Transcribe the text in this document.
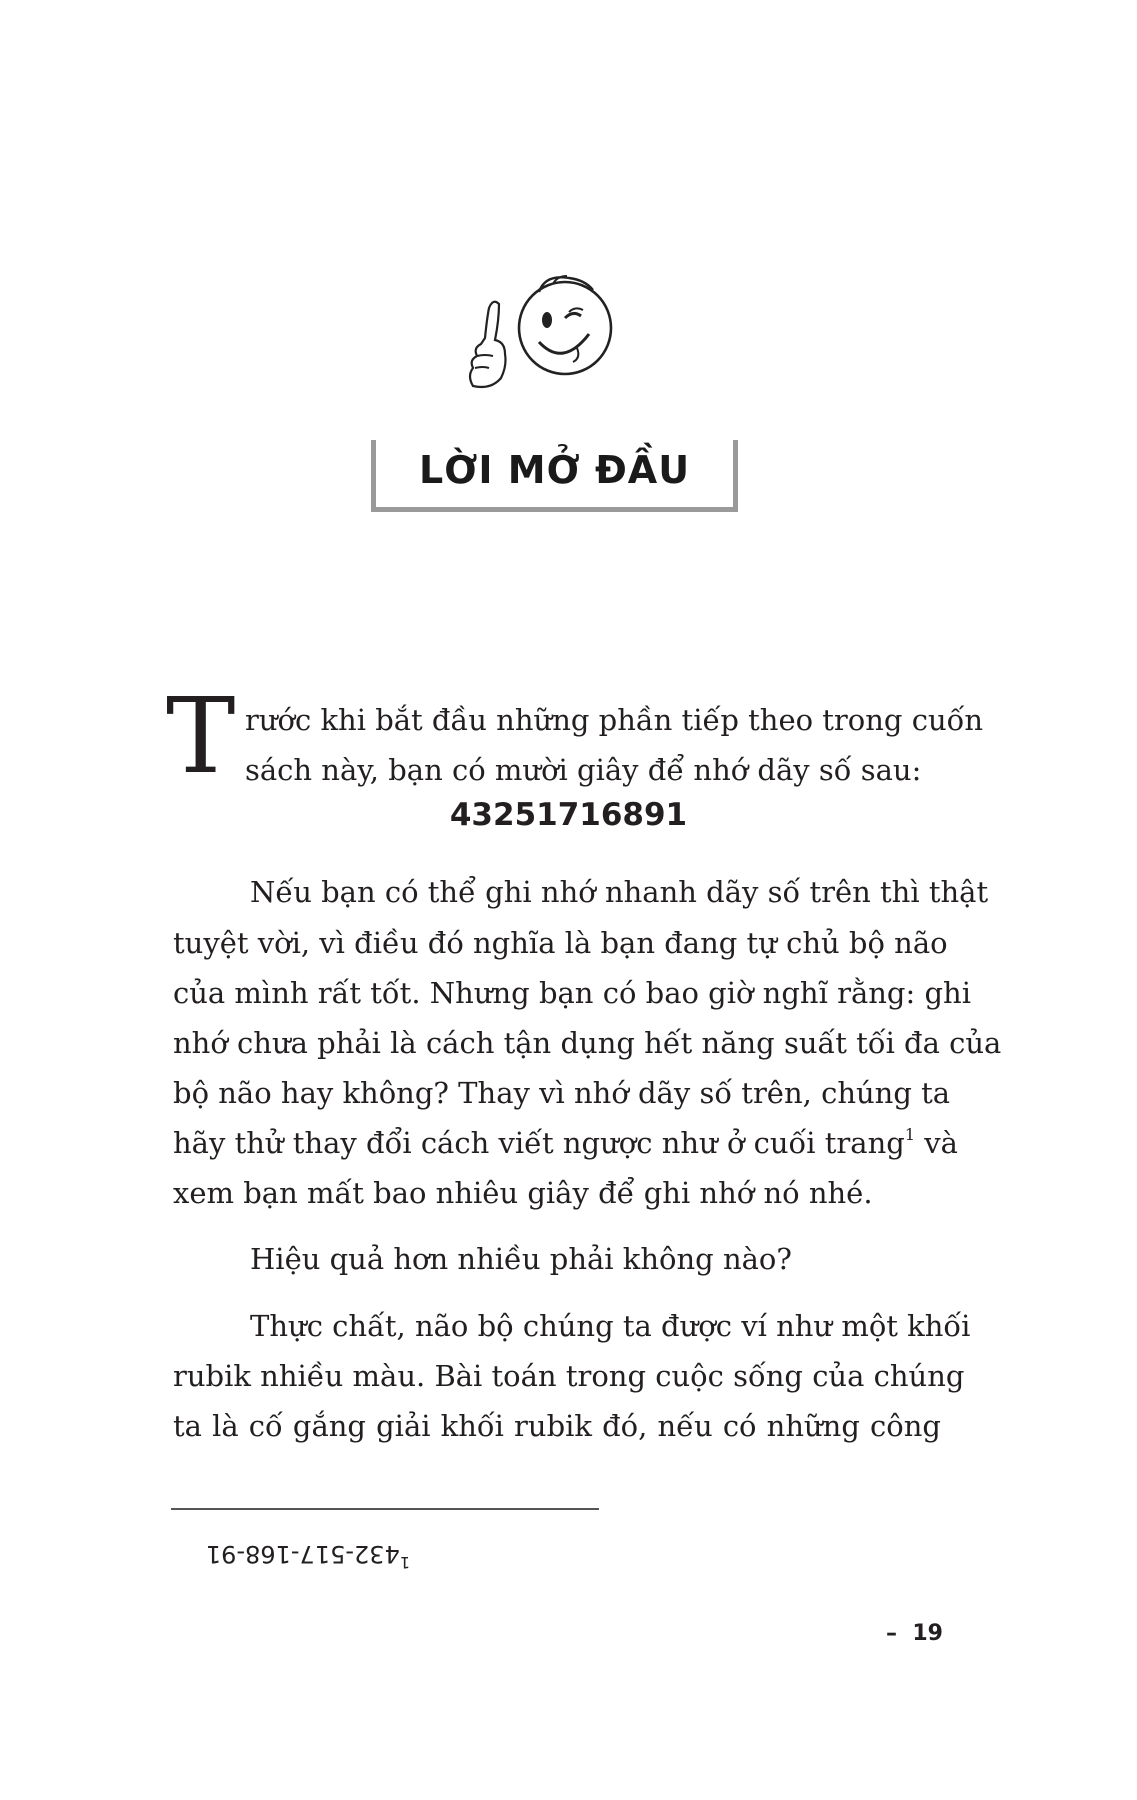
LỜI MỞ ĐẦU
T rước khi bắt đầu những phần tiếp theo trong cuốn
sách này, bạn có mười giây để nhớ dãy số sau:
43251716891
Nếu bạn có thể ghi nhớ nhanh dãy số trên thì thật
tuyệt vời, vì điều đó nghĩa là bạn đang tự chủ bộ não
của mình rất tốt. Nhưng bạn có bao giờ nghĩ rằng: ghi
nhớ chưa phải là cách tận dụng hết năng suất tối đa của
bộ não hay không? Thay vì nhớ dãy số trên, chúng ta
hãy thử thay đổi cách viết ngược như ở cuối trang$^1$ và
xem bạn mất bao nhiêu giây để ghi nhớ nó nhé.
Hiệu quả hơn nhiều phải không nào?
Thực chất, não bộ chúng ta được ví như một khối
rubik nhiều màu. Bài toán trong cuộc sống của chúng
ta là cố gắng giải khối rubik đó, nếu có những công
$^1$432-517-168-91
– 19
